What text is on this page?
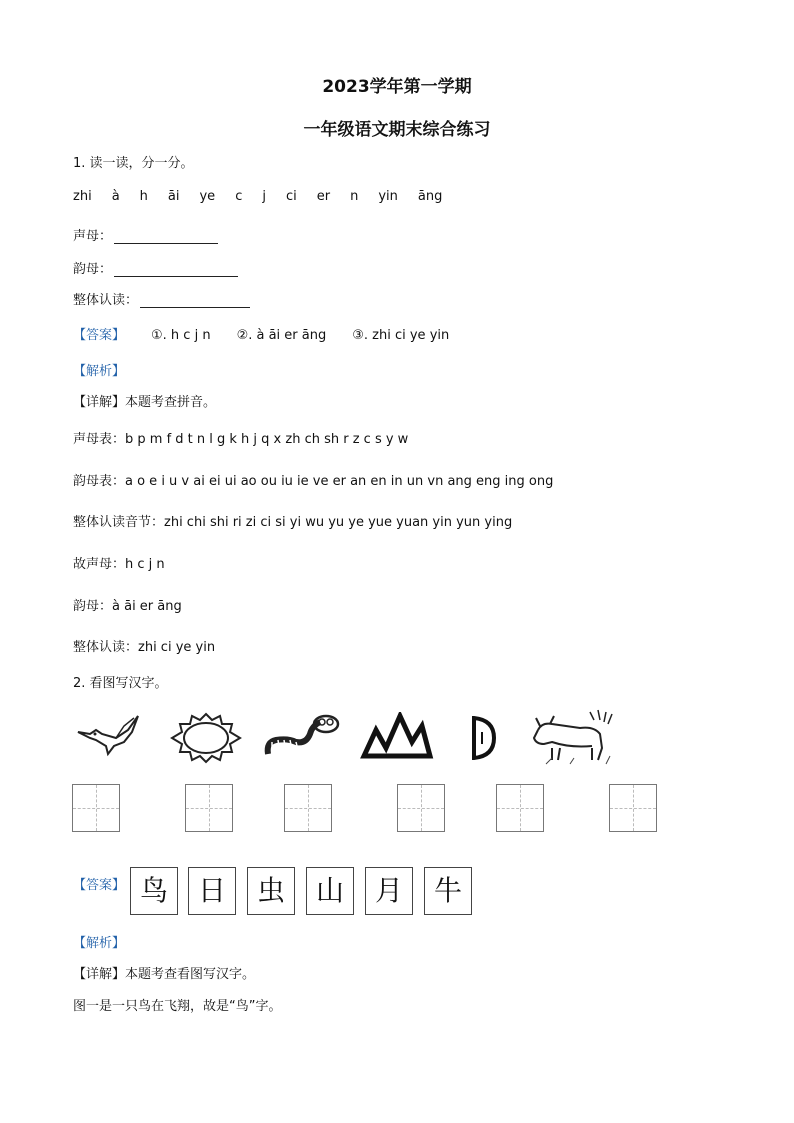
2023学年第一学期
一年级语文期末综合练习
1. 读一读，分一分。
zhi à h āi ye c j ci er n yin āng
声母：
韵母：
整体认读：
【答案】 ①. h c j n ②. à āi er āng ③. zhi ci ye yin
【解析】
【详解】本题考查拼音。
声母表：b p m f d t n l g k h j q x zh ch sh r z c s y w
韵母表：a o e i u v ai ei ui ao ou iu ie ve er an en in un vn ang eng ing ong
整体认读音节：zhi chi shi ri zi ci si yi wu yu ye yue yuan yin yun ying
故声母：h c j n
韵母：à āi er āng
整体认读：zhi ci ye yin
2. 看图写汉字。
【答案】 鸟	日	虫	山	月	牛
【解析】
【详解】本题考查看图写汉字。
图一是一只鸟在飞翔，故是“鸟”字。
